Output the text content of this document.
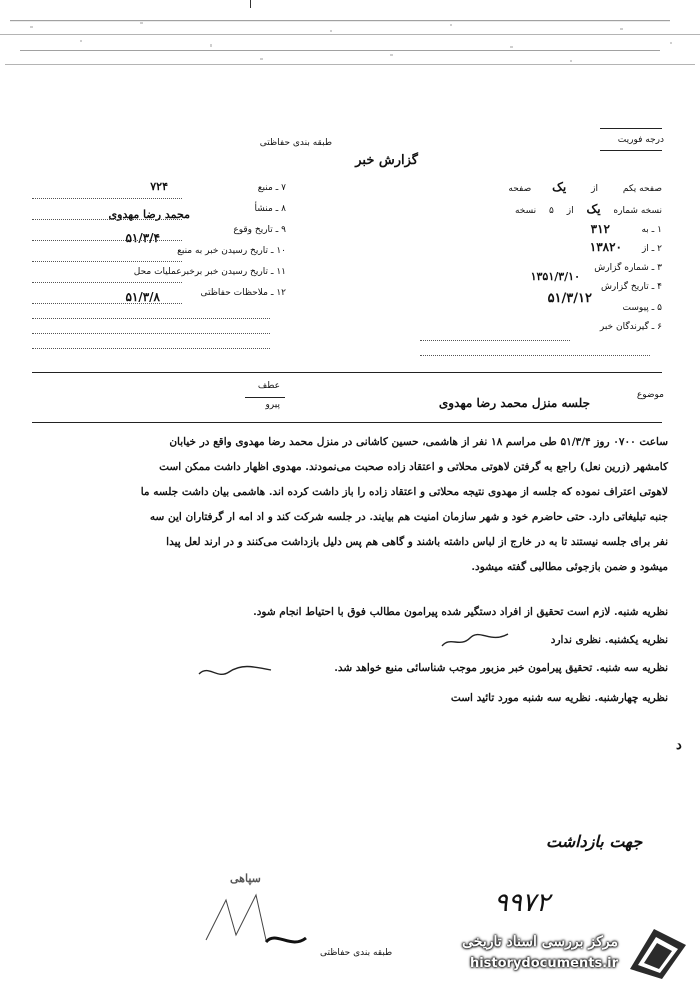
طبقه بندی حفاظتی
گزارش خبر
درجه فوریت
۷ ـ منبع
۷۲۴
۸ ـ منشأ
محمد رضا مهدوی
۹ ـ تاریخ وقوع
۵۱/۳/۴
۱۰ ـ تاریخ رسیدن خبر به منبع
۱۱ ـ تاریخ رسیدن خبر برخبرعملیات محل
۱۲ ـ ملاحظات حفاظتی
۵۱/۳/۸
صفحه یکم از یک صفحه
نسخه شماره یک از ۵ نسخه
۱ ـ به
۳۱۲
۲ ـ از
۱۳۸۲۰
۳ ـ شماره گزارش
۴ ـ تاریخ گزارش
۱۳۵۱/۳/۱۰
۵ ـ پیوست
۵۱/۳/۱۲
۶ ـ گیرندگان خبر
موضوع
جلسه منزل محمد رضا مهدوی
عطف
پیرو
ساعت ۰۷۰۰ روز ۵۱/۳/۴ طی مراسم ۱۸ نفر از هاشمی، حسین کاشانی در منزل محمد رضا مهدوی واقع در خیابان
کامشهر (زرین نعل) راجع به گرفتن لاهوتی محلاتی و اعتقاد زاده صحبت می‌نمودند. مهدوی اظهار داشت ممکن است
لاهوتی اعتراف نموده که جلسه از مهدوی نتیجه محلاتی و اعتقاد زاده را باز داشت کرده اند. هاشمی بیان داشت جلسه ما
جنبه تبلیغاتی دارد. حتی حاضرم خود و شهر سازمان امنیت هم بیایند. در جلسه شرکت کند و اد امه ار گرفتاران این سه
نفر برای جلسه نیستند تا به در خارج از لباس داشته باشند و گاهی هم پس دلیل بازداشت می‌کنند و در ارند لعل پیدا
میشود و ضمن بازجوئی مطالبی گفته میشود.
نظریه شنبه. لازم است تحقیق از افراد دستگیر شده پیرامون مطالب فوق با احتیاط انجام شود.
نظریه یکشنبه. نظری ندارد
نظریه سه شنبه. تحقیق پیرامون خبر مزبور موجب شناسائی منبع خواهد شد.
نظریه چهارشنبه. نظریه سه شنبه مورد تائید است
د
جهت بازداشت
۹۹۷۲
سپاهی
طبقه بندی حفاظتی
مرکز بررسی اسناد تاریخی
historydocuments.ir
